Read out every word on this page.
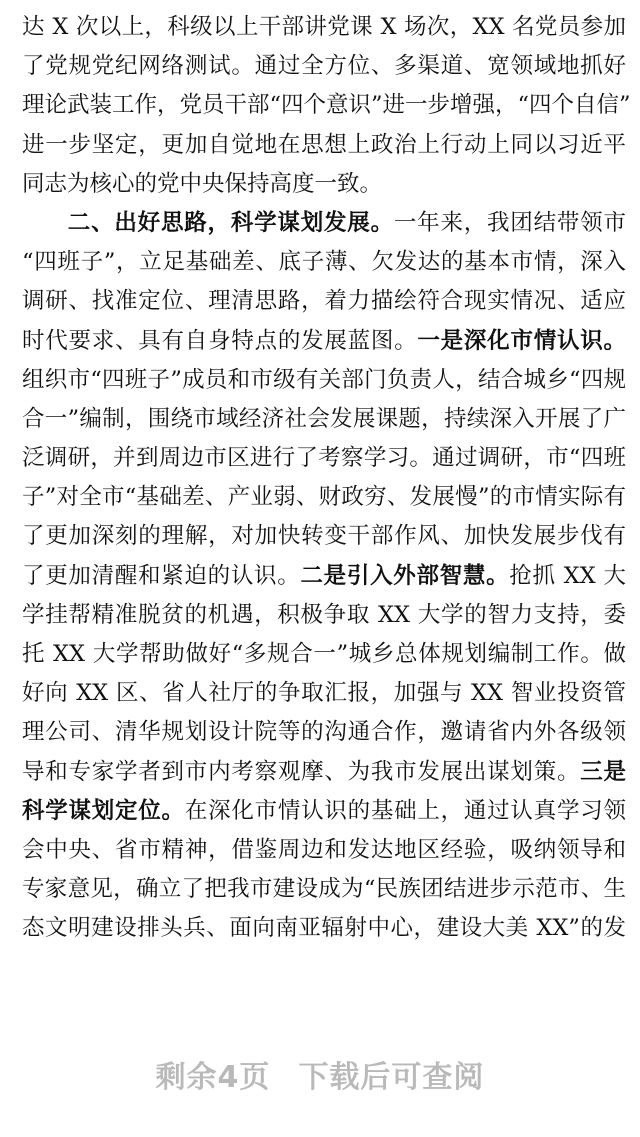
达 X 次以上，科级以上干部讲党课 X 场次，XX 名党员参加
了党规党纪网络测试。通过全方位、多渠道、宽领域地抓好
理论武装工作，党员干部“四个意识”进一步增强，“四个自信”
进一步坚定，更加自觉地在思想上政治上行动上同以习近平
同志为核心的党中央保持高度一致。
二、出好思路，科学谋划发展。一年来，我团结带领市
“四班子”，立足基础差、底子薄、欠发达的基本市情，深入
调研、找准定位、理清思路，着力描绘符合现实情况、适应
时代要求、具有自身特点的发展蓝图。一是深化市情认识。
组织市“四班子”成员和市级有关部门负责人，结合城乡“四规
合一”编制，围绕市域经济社会发展课题，持续深入开展了广
泛调研，并到周边市区进行了考察学习。通过调研，市“四班
子”对全市“基础差、产业弱、财政穷、发展慢”的市情实际有
了更加深刻的理解，对加快转变干部作风、加快发展步伐有
了更加清醒和紧迫的认识。二是引入外部智慧。抢抓 XX 大
学挂帮精准脱贫的机遇，积极争取 XX 大学的智力支持，委
托 XX 大学帮助做好“多规合一”城乡总体规划编制工作。做
好向 XX 区、省人社厅的争取汇报，加强与 XX 智业投资管
理公司、清华规划设计院等的沟通合作，邀请省内外各级领
导和专家学者到市内考察观摩、为我市发展出谋划策。三是
科学谋划定位。在深化市情认识的基础上，通过认真学习领
会中央、省市精神，借鉴周边和发达地区经验，吸纳领导和
专家意见，确立了把我市建设成为“民族团结进步示范市、生
态文明建设排头兵、面向南亚辐射中心，建设大美 XX”的发
剩余4页 下载后可查阅
